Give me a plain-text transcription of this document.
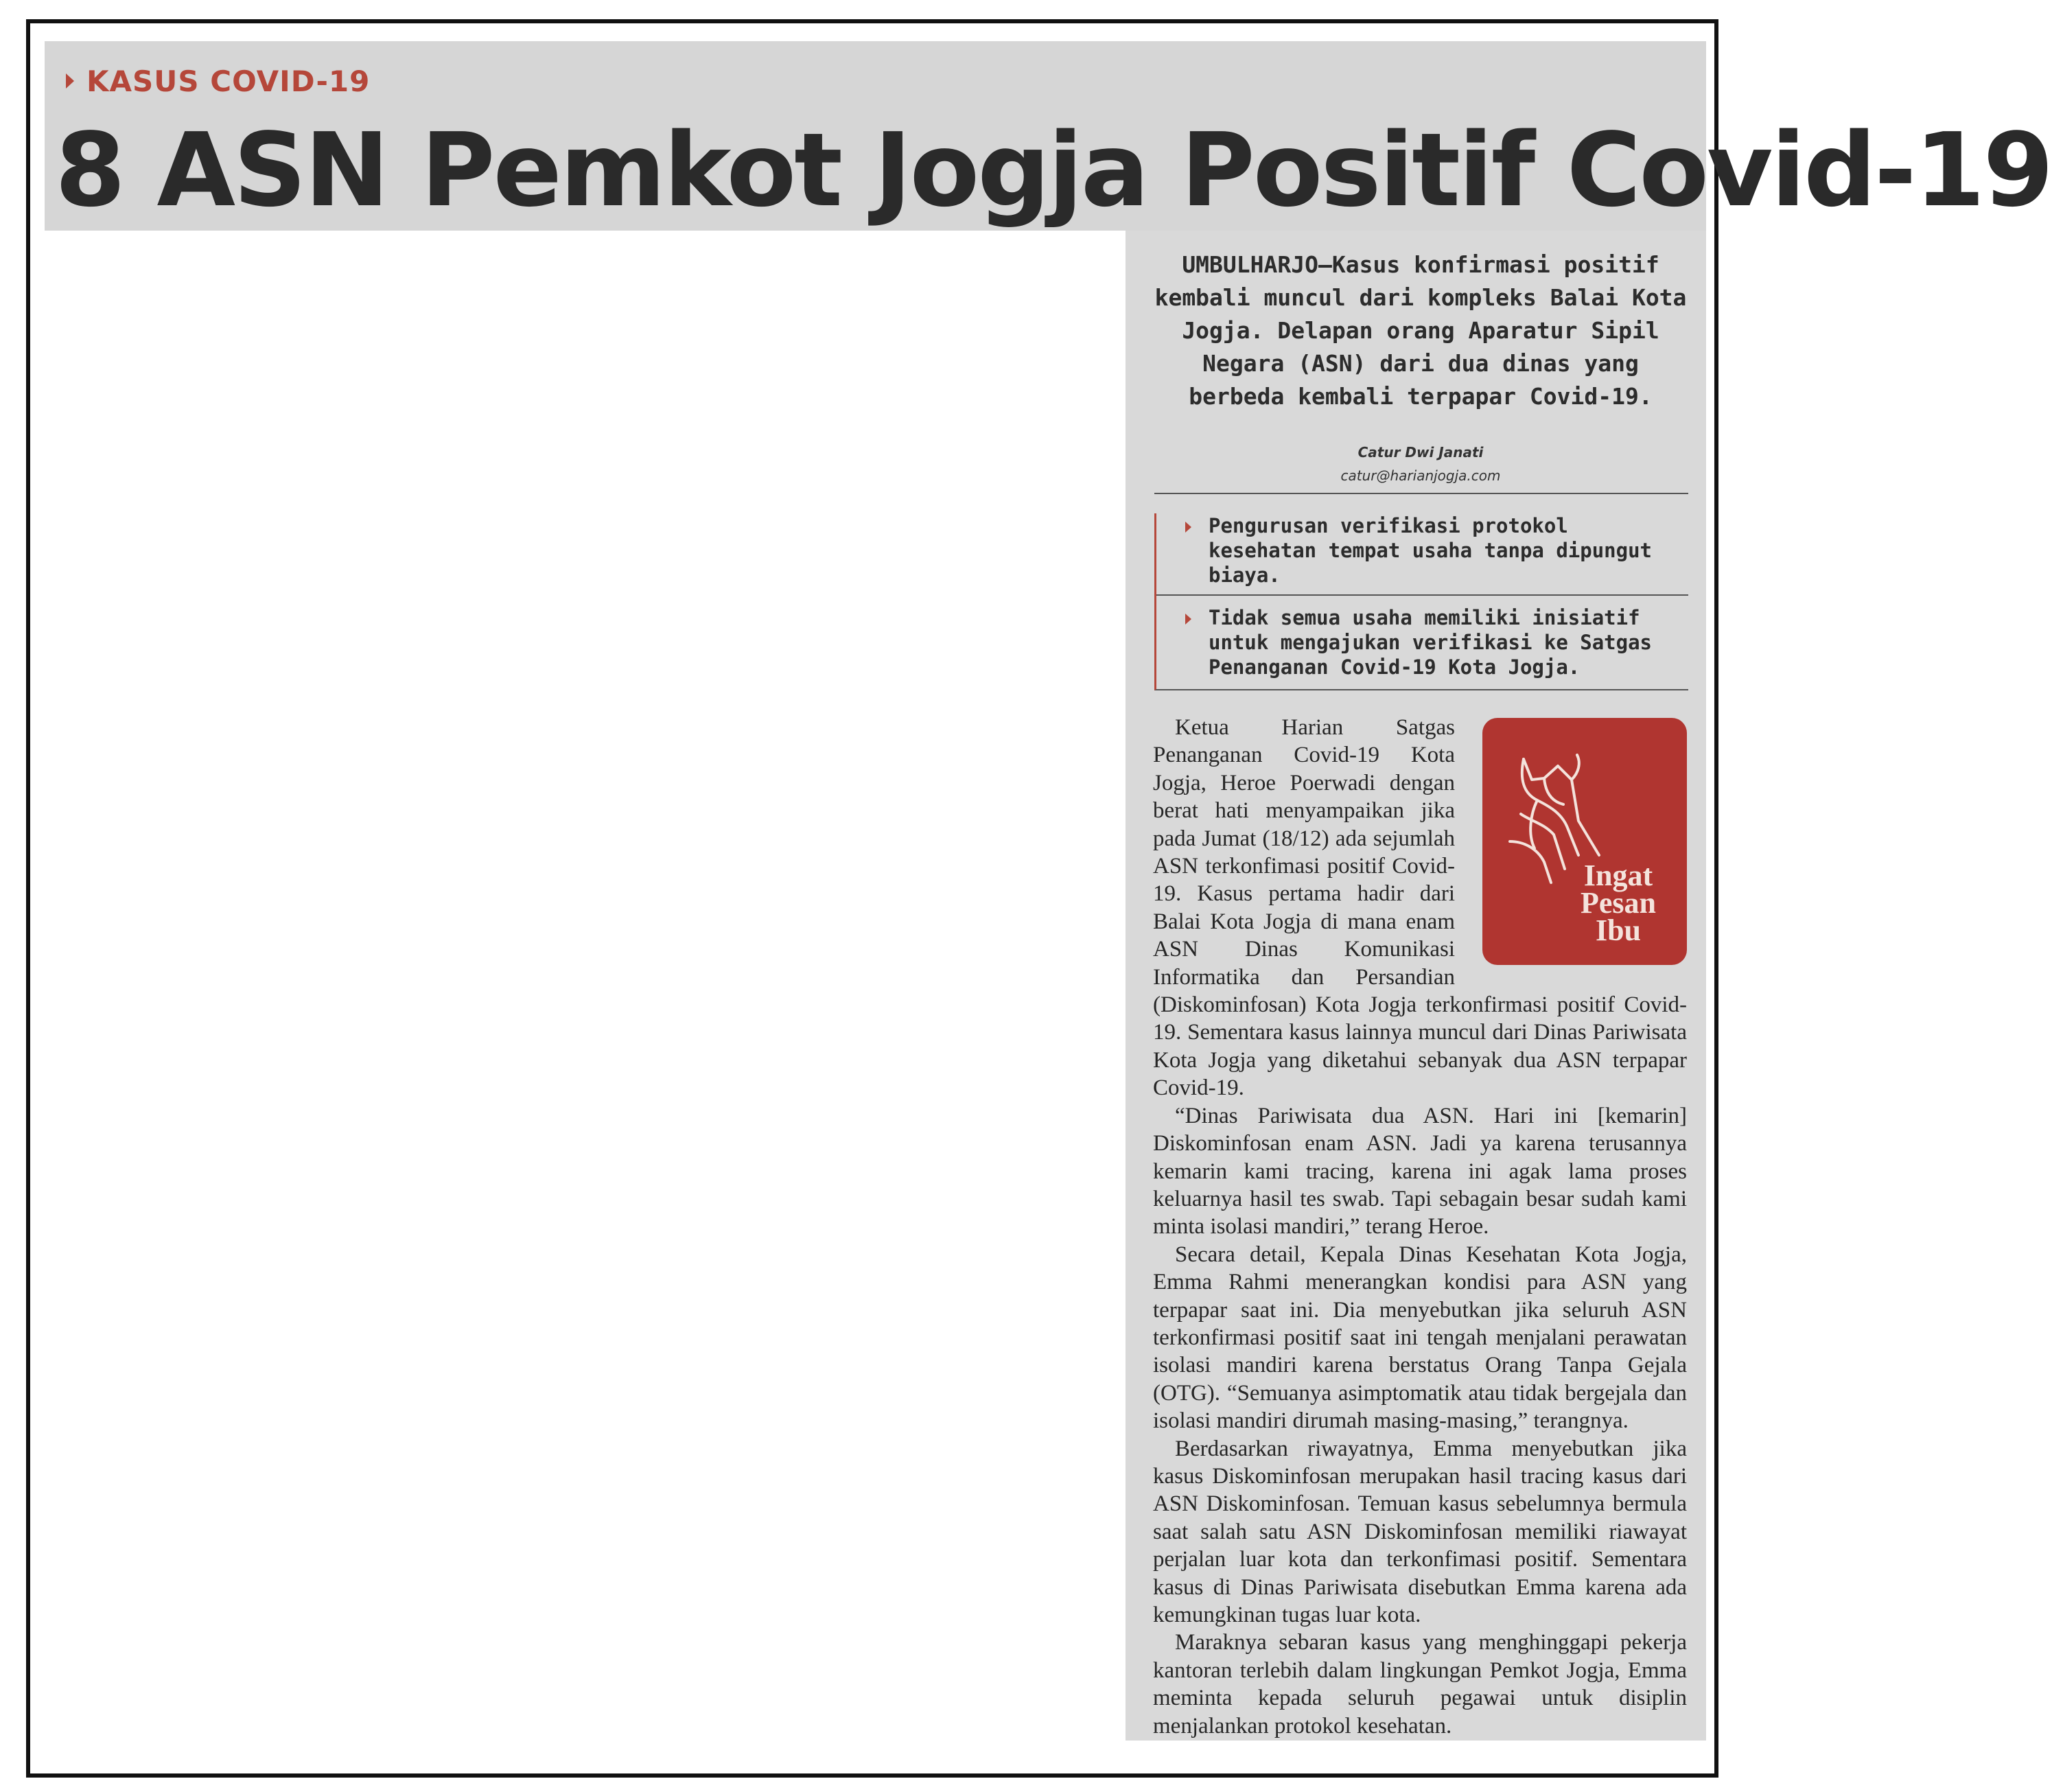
KASUS COVID-19
8 ASN Pemkot Jogja Positif Covid-19

UMBULHARJO—Kasus konfirmasi positif kembali muncul dari kompleks Balai Kota Jogja. Delapan orang Aparatur Sipil Negara (ASN) dari dua dinas yang berbeda kembali terpapar Covid-19.

Catur Dwi Janati
catur@harianjogja.com
Pengurusan verifikasi protokol kesehatan tempat usaha tanpa dipungut biaya.
Tidak semua usaha memiliki inisiatif untuk mengajukan verifikasi ke Satgas Penanganan Covid-19 Kota Jogja.
Ingat
Pesan
Ibu

Ketua Harian Satgas Penanganan Covid-19 Kota Jogja, Heroe Poerwadi dengan berat hati menyampaikan jika pada Jumat (18/12) ada sejumlah ASN terkonfimasi positif Covid-19. Kasus pertama hadir dari Balai Kota Jogja di mana enam ASN Dinas Komunikasi Informatika dan Persandian (Diskominfosan) Kota Jogja terkonfirmasi positif Covid-19. Sementara kasus lainnya muncul dari Dinas Pariwisata Kota Jogja yang diketahui sebanyak dua ASN terpapar Covid-19.

“Dinas Pariwisata dua ASN. Hari ini [kemarin] Diskominfosan enam ASN. Jadi ya karena terusannya kemarin kami tracing, karena ini agak lama proses keluarnya hasil tes swab. Tapi sebagain besar sudah kami minta isolasi mandiri,” terang Heroe.

Secara detail, Kepala Dinas Kesehatan Kota Jogja, Emma Rahmi menerangkan kondisi para ASN yang terpapar saat ini. Dia menyebutkan jika seluruh ASN terkonfirmasi positif saat ini tengah menjalani perawatan isolasi mandiri karena berstatus Orang Tanpa Gejala (OTG). “Semuanya asimptomatik atau tidak bergejala dan isolasi mandiri dirumah masing-masing,” terangnya.

Berdasarkan riwayatnya, Emma menyebutkan jika kasus Diskominfosan merupakan hasil tracing kasus dari ASN Diskominfosan. Temuan kasus sebelumnya bermula saat salah satu ASN Diskominfosan memiliki riawayat perjalan luar kota dan terkonfimasi positif. Sementara kasus di Dinas Pariwisata disebutkan Emma karena ada kemungkinan tugas luar kota.

Maraknya sebaran kasus yang menghinggapi pekerja kantoran terlebih dalam lingkungan Pemkot Jogja, Emma meminta kepada seluruh pegawai untuk disiplin menjalankan protokol kesehatan.
